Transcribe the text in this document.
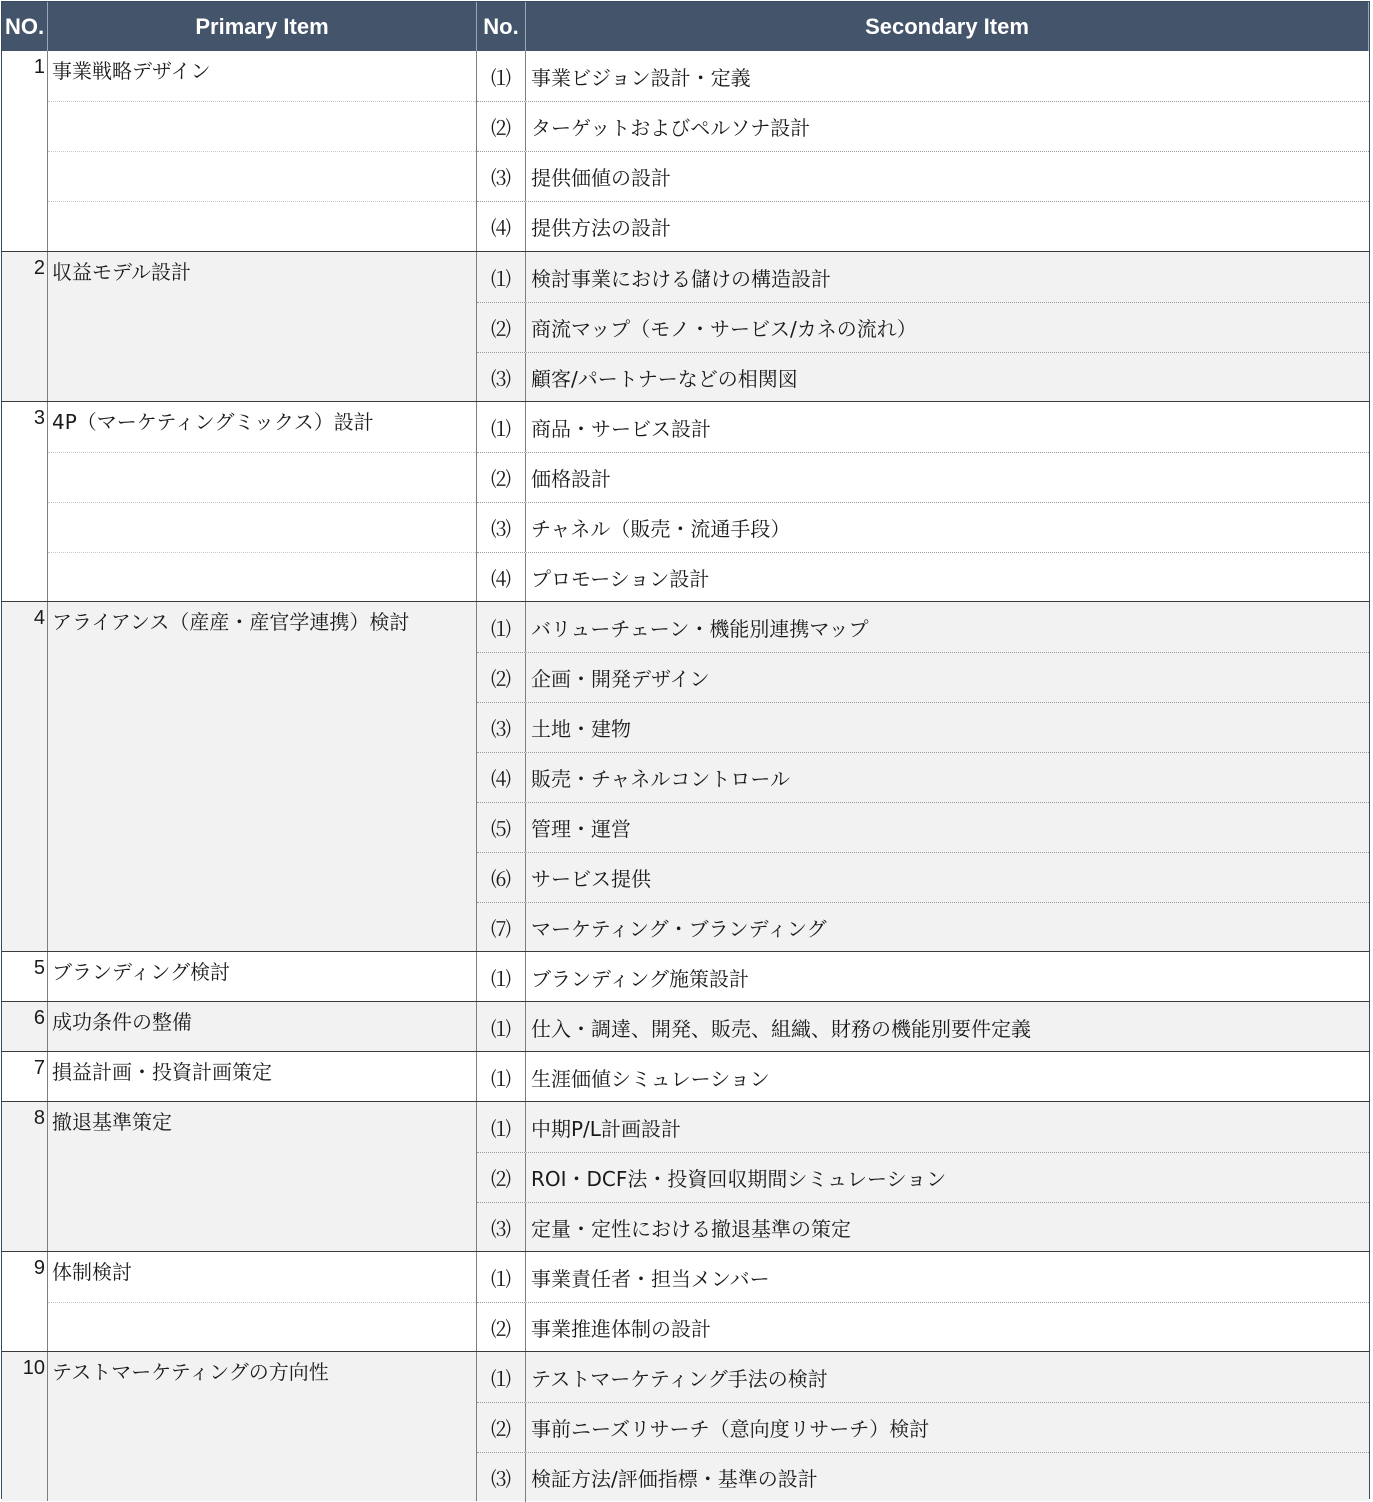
NO.	Primary Item	No.	Secondary Item
1 事業戦略デザイン	⑴	事業ビジョン設計・定義
⑵	ターゲットおよびペルソナ設計
⑶	提供価値の設計
⑷	提供方法の設計
2 収益モデル設計	⑴	検討事業における儲けの構造設計
⑵	商流マップ（モノ・サービス/カネの流れ）
⑶	顧客/パートナーなどの相関図
3 4P（マーケティングミックス）設計	⑴	商品・サービス設計
⑵	価格設計
⑶	チャネル（販売・流通手段）
⑷	プロモーション設計
4 アライアンス（産産・産官学連携）検討	⑴	バリューチェーン・機能別連携マップ
⑵	企画・開発デザイン
⑶	土地・建物
⑷	販売・チャネルコントロール
⑸	管理・運営
⑹	サービス提供
⑺	マーケティング・ブランディング
5 ブランディング検討	⑴	ブランディング施策設計
6 成功条件の整備	⑴	仕入・調達、開発、販売、組織、財務の機能別要件定義
7 損益計画・投資計画策定	⑴	生涯価値シミュレーション
8 撤退基準策定	⑴	中期P/L計画設計
⑵	ROI・DCF法・投資回収期間シミュレーション
⑶	定量・定性における撤退基準の策定
9 体制検討	⑴	事業責任者・担当メンバー
⑵	事業推進体制の設計
10 テストマーケティングの方向性	⑴	テストマーケティング手法の検討
⑵	事前ニーズリサーチ（意向度リサーチ）検討
⑶	検証方法/評価指標・基準の設計
